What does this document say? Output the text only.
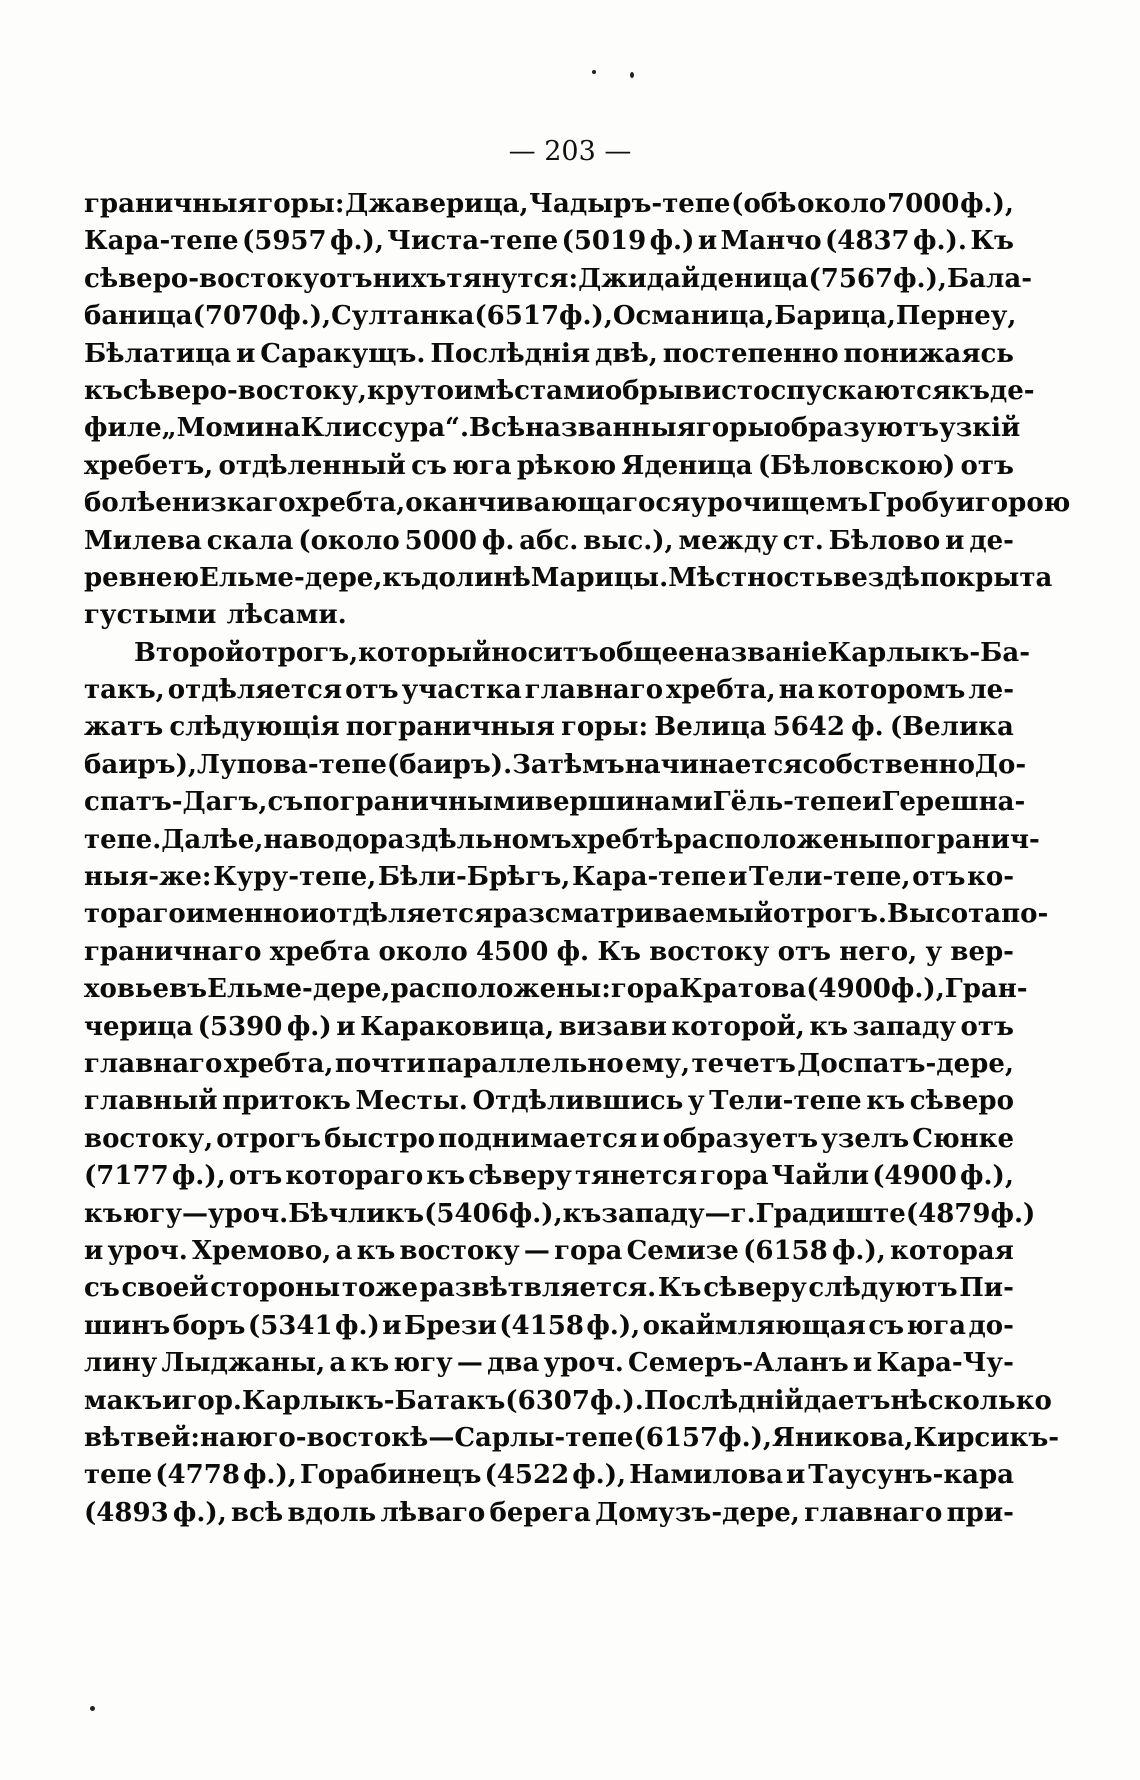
— 203 —
граничныя горы: Джаверица, Чадыръ-тепе (обѣ около 7000 ф.),
Кара-тепе (5957 ф.), Чиста-тепе (5019 ф.) и Манчо (4837 ф.). Къ
сѣверо-востоку отъ нихъ тянутся: Джидайденица (7567 ф.), Бала-
баница (7070 ф.), Султанка (6517 ф.), Османица, Барица, Пернеу,
Бѣлатица и Саракущъ. Послѣднія двѣ, постепенно понижаясь
къ сѣверо-востоку, круто и мѣстами обрывисто спускаются къ де-
филе „Момина Клиссура“. Всѣ названныя горы образуютъ узкій
хребетъ, отдѣленный съ юга рѣкою Яденица (Бѣловскою) отъ
болѣе низкаго хребта, оканчивающагося урочищемъ Гробу и горою
Милева скала (около 5000 ф. абс. выс.), между ст. Бѣлово и де-
ревнею Ельме-дере, къ долинѣ Марицы. Мѣстность вездѣ покрыта
густыми лѣсами.
Второй отрогъ, который носитъ общее названіе Карлыкъ-Ба-
такъ, отдѣляется отъ участка главнаго хребта, на которомъ ле-
жатъ слѣдующія пограничныя горы: Велица 5642 ф. (Велика
баиръ), Лупова-тепе (баиръ). Затѣмъ начинается собственно До-
спатъ-Дагъ, съ пограничными вершинами Гёль-тепе и Герешна-
тепе. Далѣе, на водораздѣльномъ хребтѣ расположены погранич-
ныя-же: Куру-тепе, Бѣли-Брѣгъ, Кара-тепе и Тели-тепе, отъ ко-
тораго именно и отдѣляется разсматриваемый отрогъ. Высота по-
граничнаго хребта около 4500 ф. Къ востоку отъ него, у вер-
ховьевъ Ельме-дере, расположены: гора Кратова (4900 ф.), Гран-
черица (5390 ф.) и Караковица, визави которой, къ западу отъ
главнаго хребта, почти параллельно ему, течетъ Доспатъ-дере,
главный притокъ Месты. Отдѣлившись у Тели-тепе къ сѣверо
востоку, отрогъ быстро поднимается и образуетъ узелъ Сюнке
(7177 ф.), отъ котораго къ сѣверу тянется гора Чайли (4900 ф.),
къ югу—уроч. Бѣчликъ (5406 ф.), къ западу—г. Градиште (4879 ф.)
и уроч. Хремово, а къ востоку — гора Семизе (6158 ф.), которая
съ своей стороны тоже развѣтвляется. Къ сѣверу слѣдуютъ Пи-
шинъ боръ (5341 ф.) и Брези (4158 ф.), окаймляющая съ юга до-
лину Лыджаны, а къ югу — два уроч. Семеръ-Аланъ и Кара-Чу-
макъ и гор. Карлыкъ-Батакъ (6307 ф.). Послѣдній даетъ нѣсколько
вѣтвей: на юго-востокѣ—Сарлы-тепе (6157 ф.), Яникова, Кирсикъ-
тепе (4778 ф.), Горабинецъ (4522 ф.), Намилова и Таусунъ-кара
(4893 ф.), всѣ вдоль лѣваго берега Домузъ-дере, главнаго при-
